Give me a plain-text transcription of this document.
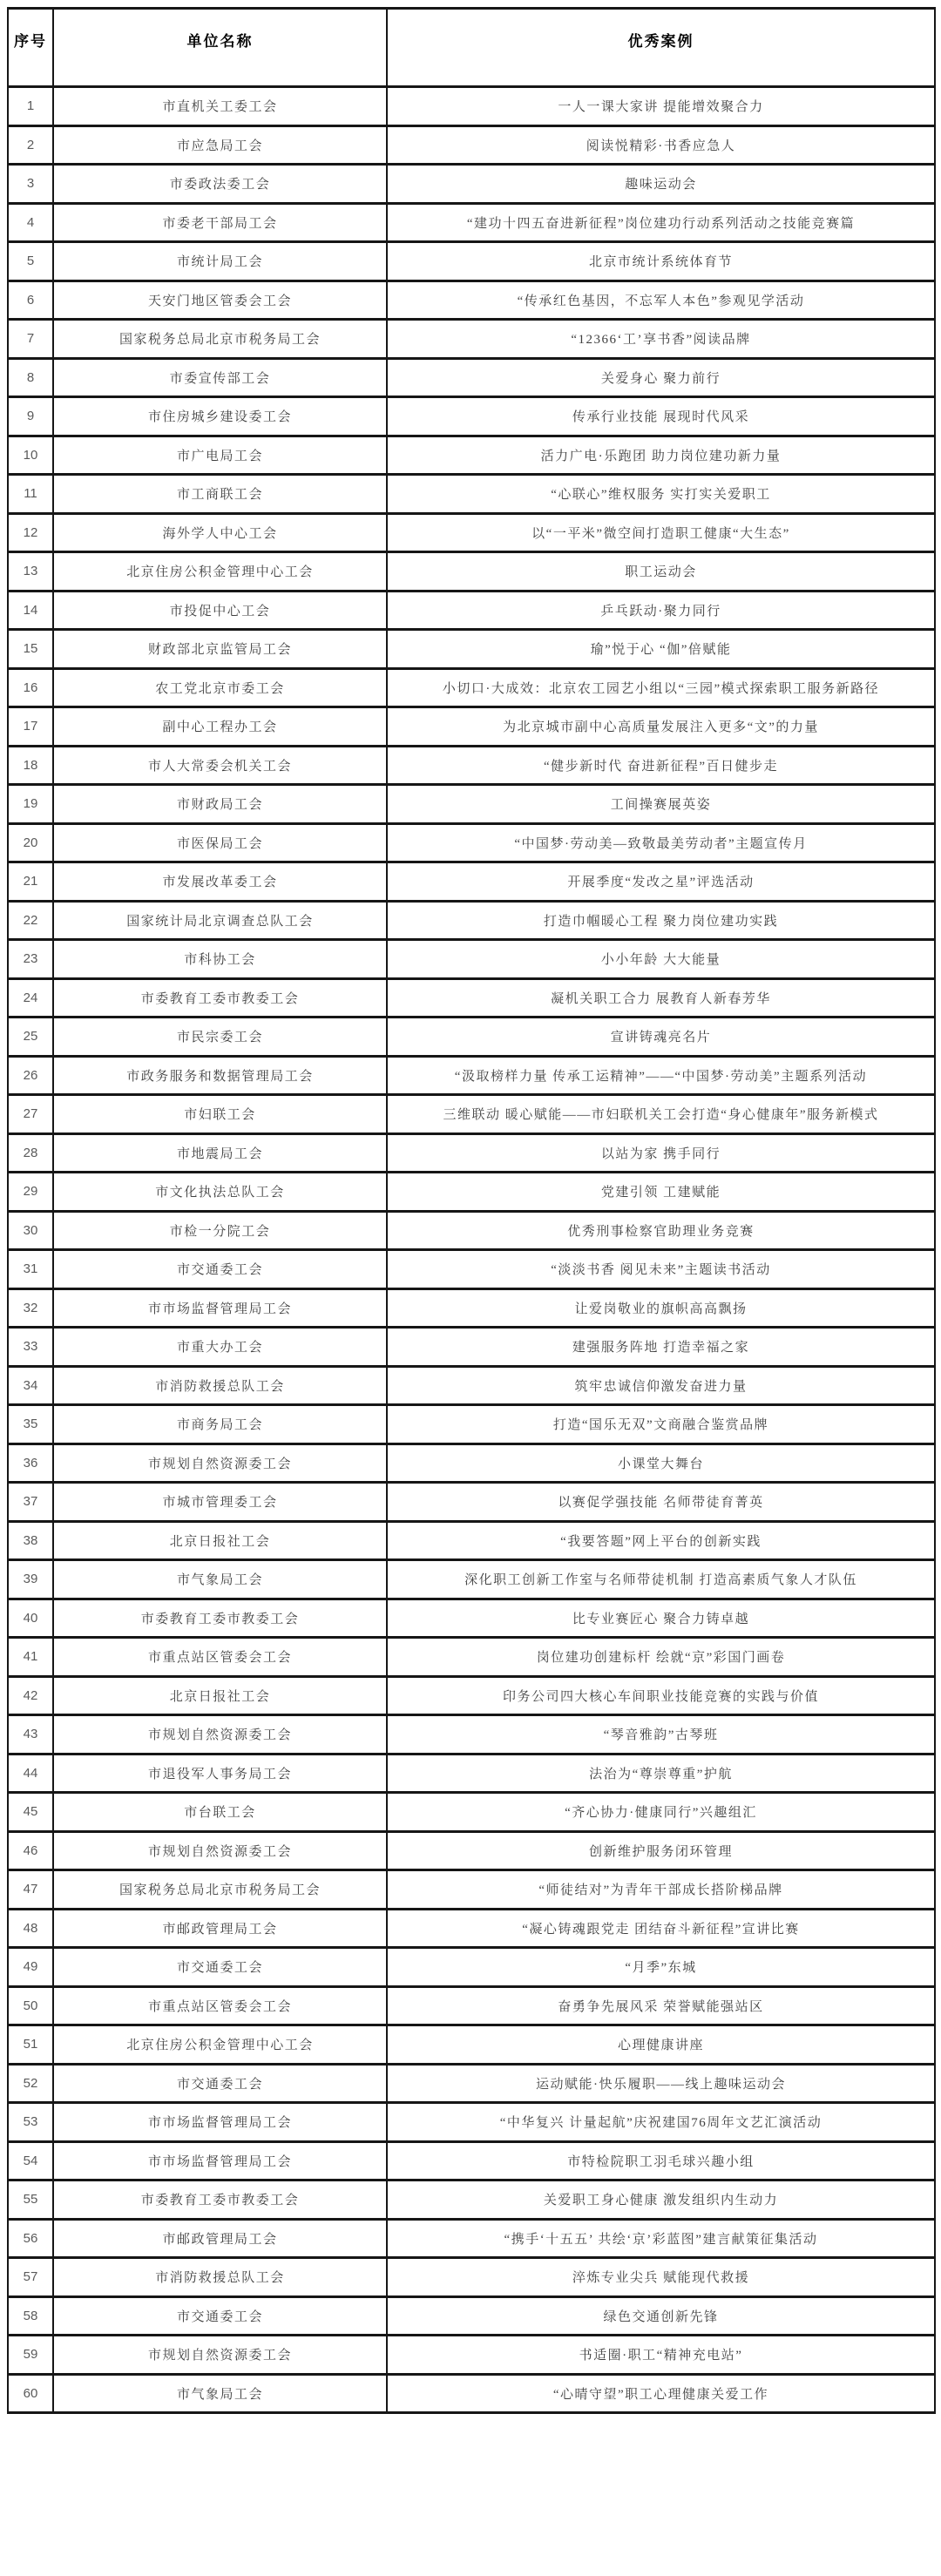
序号	单位名称	优秀案例
1	市直机关工委工会	一人一课大家讲 提能增效聚合力
2	市应急局工会	阅读悦精彩·书香应急人
3	市委政法委工会	趣味运动会
4	市委老干部局工会	“建功十四五奋进新征程”岗位建功行动系列活动之技能竞赛篇
5	市统计局工会	北京市统计系统体育节
6	天安门地区管委会工会	“传承红色基因，不忘军人本色”参观见学活动
7	国家税务总局北京市税务局工会	“12366‘工’享书香”阅读品牌
8	市委宣传部工会	关爱身心 聚力前行
9	市住房城乡建设委工会	传承行业技能 展现时代风采
10	市广电局工会	活力广电·乐跑团 助力岗位建功新力量
11	市工商联工会	“心联心”维权服务 实打实关爱职工
12	海外学人中心工会	以“一平米”微空间打造职工健康“大生态”
13	北京住房公积金管理中心工会	职工运动会
14	市投促中心工会	乒乓跃动·聚力同行
15	财政部北京监管局工会	瑜”悦于心 “伽”倍赋能
16	农工党北京市委工会	小切口·大成效：北京农工园艺小组以“三园”模式探索职工服务新路径
17	副中心工程办工会	为北京城市副中心高质量发展注入更多“文”的力量
18	市人大常委会机关工会	“健步新时代 奋进新征程”百日健步走
19	市财政局工会	工间操赛展英姿
20	市医保局工会	“中国梦·劳动美—致敬最美劳动者”主题宣传月
21	市发展改革委工会	开展季度“发改之星”评选活动
22	国家统计局北京调查总队工会	打造巾帼暖心工程 聚力岗位建功实践
23	市科协工会	小小年龄 大大能量
24	市委教育工委市教委工会	凝机关职工合力 展教育人新春芳华
25	市民宗委工会	宣讲铸魂亮名片
26	市政务服务和数据管理局工会	“汲取榜样力量 传承工运精神”——“中国梦·劳动美”主题系列活动
27	市妇联工会	三维联动 暖心赋能——市妇联机关工会打造“身心健康年”服务新模式
28	市地震局工会	以站为家 携手同行
29	市文化执法总队工会	党建引领 工建赋能
30	市检一分院工会	优秀刑事检察官助理业务竞赛
31	市交通委工会	“淡淡书香 阅见未来”主题读书活动
32	市市场监督管理局工会	让爱岗敬业的旗帜高高飘扬
33	市重大办工会	建强服务阵地 打造幸福之家
34	市消防救援总队工会	筑牢忠诚信仰激发奋进力量
35	市商务局工会	打造“国乐无双”文商融合鉴赏品牌
36	市规划自然资源委工会	小课堂大舞台
37	市城市管理委工会	以赛促学强技能 名师带徒育菁英
38	北京日报社工会	“我要答题”网上平台的创新实践
39	市气象局工会	深化职工创新工作室与名师带徒机制 打造高素质气象人才队伍
40	市委教育工委市教委工会	比专业赛匠心 聚合力铸卓越
41	市重点站区管委会工会	岗位建功创建标杆 绘就“京”彩国门画卷
42	北京日报社工会	印务公司四大核心车间职业技能竞赛的实践与价值
43	市规划自然资源委工会	“琴音雅韵”古琴班
44	市退役军人事务局工会	法治为“尊崇尊重”护航
45	市台联工会	“齐心协力·健康同行”兴趣组汇
46	市规划自然资源委工会	创新维护服务闭环管理
47	国家税务总局北京市税务局工会	“师徒结对”为青年干部成长搭阶梯品牌
48	市邮政管理局工会	“凝心铸魂跟党走 团结奋斗新征程”宣讲比赛
49	市交通委工会	“月季”东城
50	市重点站区管委会工会	奋勇争先展风采 荣誉赋能强站区
51	北京住房公积金管理中心工会	心理健康讲座
52	市交通委工会	运动赋能·快乐履职——线上趣味运动会
53	市市场监督管理局工会	“中华复兴 计量起航”庆祝建国76周年文艺汇演活动
54	市市场监督管理局工会	市特检院职工羽毛球兴趣小组
55	市委教育工委市教委工会	关爱职工身心健康 激发组织内生动力
56	市邮政管理局工会	“携手‘十五五’ 共绘‘京’彩蓝图”建言献策征集活动
57	市消防救援总队工会	淬炼专业尖兵 赋能现代救援
58	市交通委工会	绿色交通创新先锋
59	市规划自然资源委工会	书适圈·职工“精神充电站”
60	市气象局工会	“心晴守望”职工心理健康关爱工作
